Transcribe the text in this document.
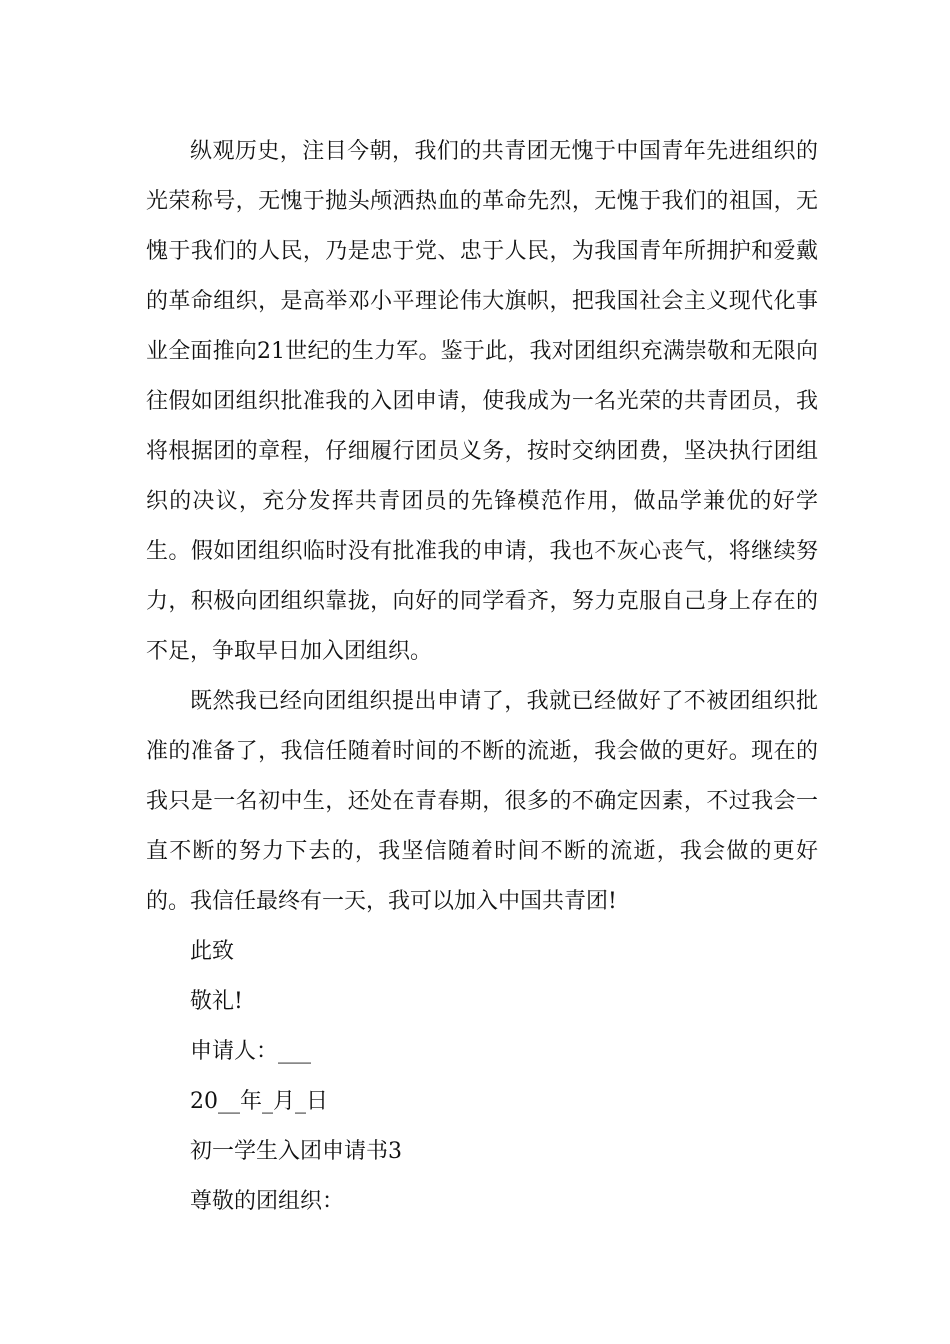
纵观历史，注目今朝，我们的共青团无愧于中国青年先进组织的光荣称号，无愧于抛头颅洒热血的革命先烈，无愧于我们的祖国，无愧于我们的人民，乃是忠于党、忠于人民，为我国青年所拥护和爱戴的革命组织，是高举邓小平理论伟大旗帜，把我国社会主义现代化事业全面推向21世纪的生力军。鉴于此，我对团组织充满崇敬和无限向往假如团组织批准我的入团申请，使我成为一名光荣的共青团员，我将根据团的章程，仔细履行团员义务，按时交纳团费，坚决执行团组织的决议，充分发挥共青团员的先锋模范作用，做品学兼优的好学生。假如团组织临时没有批准我的申请，我也不灰心丧气，将继续努力，积极向团组织靠拢，向好的同学看齐，努力克服自己身上存在的不足，争取早日加入团组织。

既然我已经向团组织提出申请了，我就已经做好了不被团组织批准的准备了，我信任随着时间的不断的流逝，我会做的更好。现在的我只是一名初中生，还处在青春期，很多的不确定因素，不过我会一直不断的努力下去的，我坚信随着时间不断的流逝，我会做的更好的。我信任最终有一天，我可以加入中国共青团!

此致

敬礼!

申请人：___

20__年_月_日

初一学生入团申请书3

尊敬的团组织：
